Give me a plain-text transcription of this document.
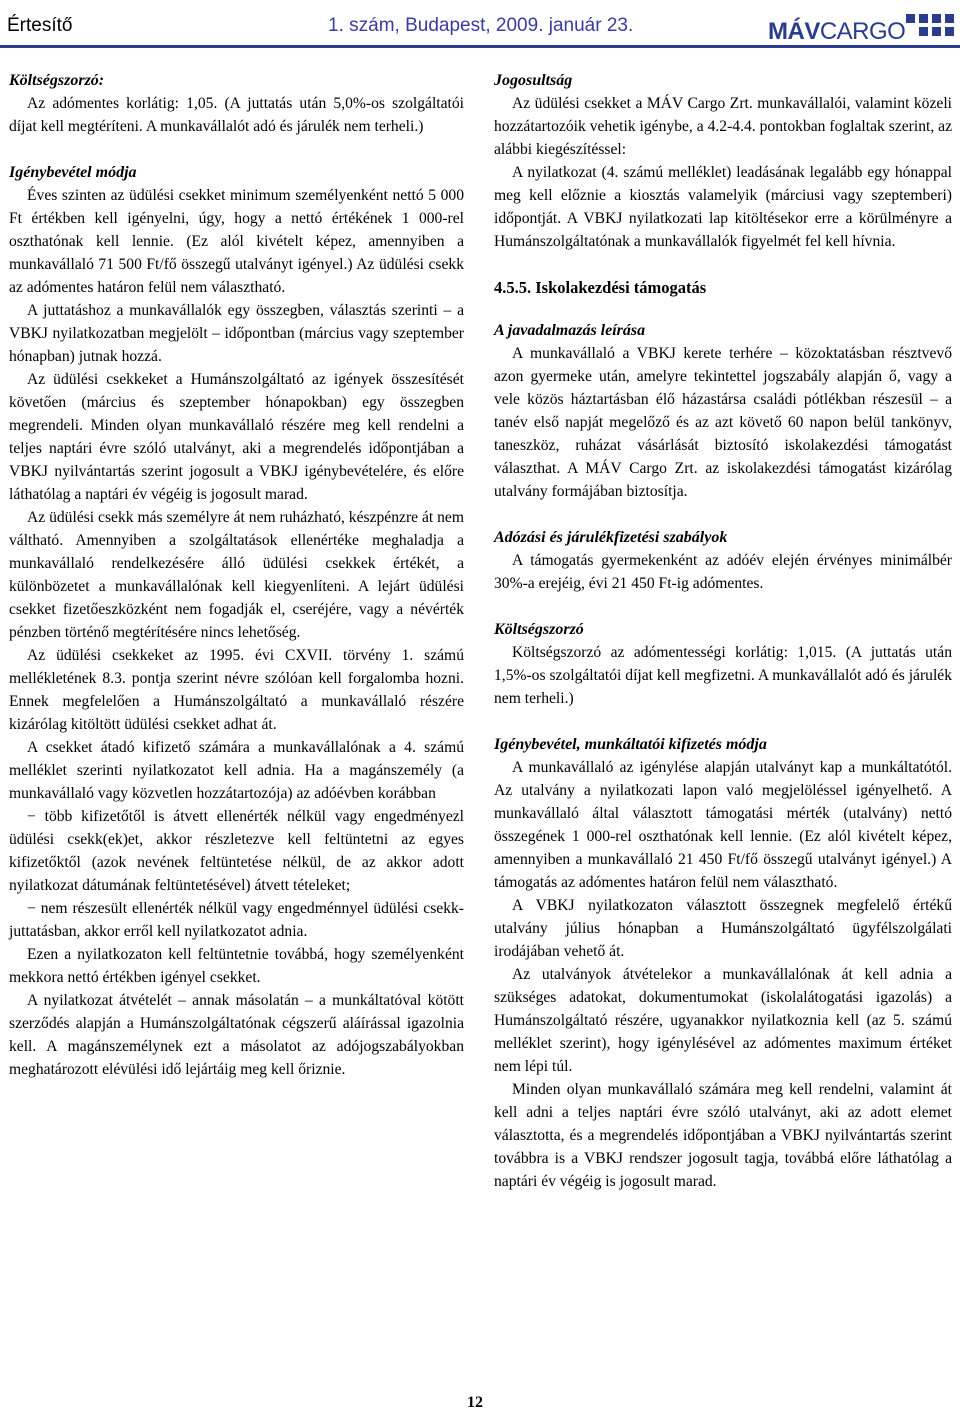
Értesítő	1. szám, Budapest, 2009. január 23.	MÁVCARGO
Költségszorzó:

Az adómentes korlátig: 1,05. (A juttatás után 5,0%-os szolgáltatói díjat kell megtéríteni. A munkavállalót adó és járulék nem terheli.)

Igénybevétel módja

Éves szinten az üdülési csekket minimum személyenként nettó 5 000 Ft értékben kell igényelni, úgy, hogy a nettó értékének 1 000-rel oszthatónak kell lennie. (Ez alól kivételt képez, amennyiben a munkavállaló 71 500 Ft/fő összegű utalványt igényel.) Az üdülési csekk az adómentes határon felül nem választható.

A juttatáshoz a munkavállalók egy összegben, választás szerinti – a VBKJ nyilatkozatban megjelölt – időpontban (március vagy szeptember hónapban) jutnak hozzá.

Az üdülési csekkeket a Humánszolgáltató az igények összesítését követően (március és szeptember hónapokban) egy összegben megrendeli. Minden olyan munkavállaló részére meg kell rendelni a teljes naptári évre szóló utalványt, aki a megrendelés időpontjában a VBKJ nyilvántartás szerint jogosult a VBKJ igénybevételére, és előre láthatólag a naptári év végéig is jogosult marad.

Az üdülési csekk más személyre át nem ruházható, készpénzre át nem váltható. Amennyiben a szolgáltatások ellenértéke meghaladja a munkavállaló rendelkezésére álló üdülési csekkek értékét, a különbözetet a munkavállalónak kell kiegyenlíteni. A lejárt üdülési csekket fizetőeszközként nem fogadják el, cseréjére, vagy a névérték pénzben történő megtérítésére nincs lehetőség.

Az üdülési csekkeket az 1995. évi CXVII. törvény 1. számú mellékletének 8.3. pontja szerint névre szólóan kell forgalomba hozni. Ennek megfelelően a Humánszolgáltató a munkavállaló részére kizárólag kitöltött üdülési csekket adhat át.

A csekket átadó kifizető számára a munkavállalónak a 4. számú melléklet szerinti nyilatkozatot kell adnia. Ha a magánszemély (a munkavállaló vagy közvetlen hozzátartozója) az adóévben korábban

− több kifizetőtől is átvett ellenérték nélkül vagy engedményezl üdülési csekk(ek)et, akkor részletezve kell feltüntetni az egyes kifizetőktől (azok nevének feltüntetése nélkül, de az akkor adott nyilatkozat dátumának feltüntetésével) átvett tételeket;

− nem részesült ellenérték nélkül vagy engedménnyel üdülési csekk-juttatásban, akkor erről kell nyilatkozatot adnia.

Ezen a nyilatkozaton kell feltüntetnie továbbá, hogy személyenként mekkora nettó értékben igényel csekket.

A nyilatkozat átvételét – annak másolatán – a munkáltatóval kötött szerződés alapján a Humánszolgáltatónak cégszerű aláírással igazolnia kell. A magánszemélynek ezt a másolatot az adójogszabályokban meghatározott elévülési idő lejártáig meg kell őriznie.

Jogosultság

Az üdülési csekket a MÁV Cargo Zrt. munkavállalói, valamint közeli hozzátartozóik vehetik igénybe, a 4.2-4.4. pontokban foglaltak szerint, az alábbi kiegészítéssel:

A nyilatkozat (4. számú melléklet) leadásának legalább egy hónappal meg kell előznie a kiosztás valamelyik (márciusi vagy szeptemberi) időpontját. A VBKJ nyilatkozati lap kitöltésekor erre a körülményre a Humánszolgáltatónak a munkavállalók figyelmét fel kell hívnia.

4.5.5. Iskolakezdési támogatás
A javadalmazás leírása

A munkavállaló a VBKJ kerete terhére – közoktatásban résztvevő azon gyermeke után, amelyre tekintettel jogszabály alapján ő, vagy a vele közös háztartásban élő házastársa családi pótlékban részesül – a tanév első napját megelőző és az azt követő 60 napon belül tankönyv, taneszköz, ruházat vásárlását biztosító iskolakezdési támogatást választhat. A MÁV Cargo Zrt. az iskolakezdési támogatást kizárólag utalvány formájában biztosítja.

Adózási és járulékfizetési szabályok

A támogatás gyermekenként az adóév elején érvényes minimálbér 30%-a erejéig, évi 21 450 Ft-ig adómentes.

Költségszorzó

Költségszorzó az adómentességi korlátig: 1,015. (A juttatás után 1,5%-os szolgáltatói díjat kell megfizetni. A munkavállalót adó és járulék nem terheli.)

Igénybevétel, munkáltatói kifizetés módja

A munkavállaló az igénylése alapján utalványt kap a munkáltatótól. Az utalvány a nyilatkozati lapon való megjelöléssel igényelhető. A munkavállaló által választott támogatási mérték (utalvány) nettó összegének 1 000-rel oszthatónak kell lennie. (Ez alól kivételt képez, amennyiben a munkavállaló 21 450 Ft/fő összegű utalványt igényel.) A támogatás az adómentes határon felül nem választható.

A VBKJ nyilatkozaton választott összegnek megfelelő értékű utalvány július hónapban a Humánszolgáltató ügyfélszolgálati irodájában vehető át.

Az utalványok átvételekor a munkavállalónak át kell adnia a szükséges adatokat, dokumentumokat (iskolalátogatási igazolás) a Humánszolgáltató részére, ugyanakkor nyilatkoznia kell (az 5. számú melléklet szerint), hogy igénylésével az adómentes maximum értéket nem lépi túl.

Minden olyan munkavállaló számára meg kell rendelni, valamint át kell adni a teljes naptári évre szóló utalványt, aki az adott elemet választotta, és a megrendelés időpontjában a VBKJ nyilvántartás szerint továbbra is a VBKJ rendszer jogosult tagja, továbbá előre láthatólag a naptári év végéig is jogosult marad.

12
